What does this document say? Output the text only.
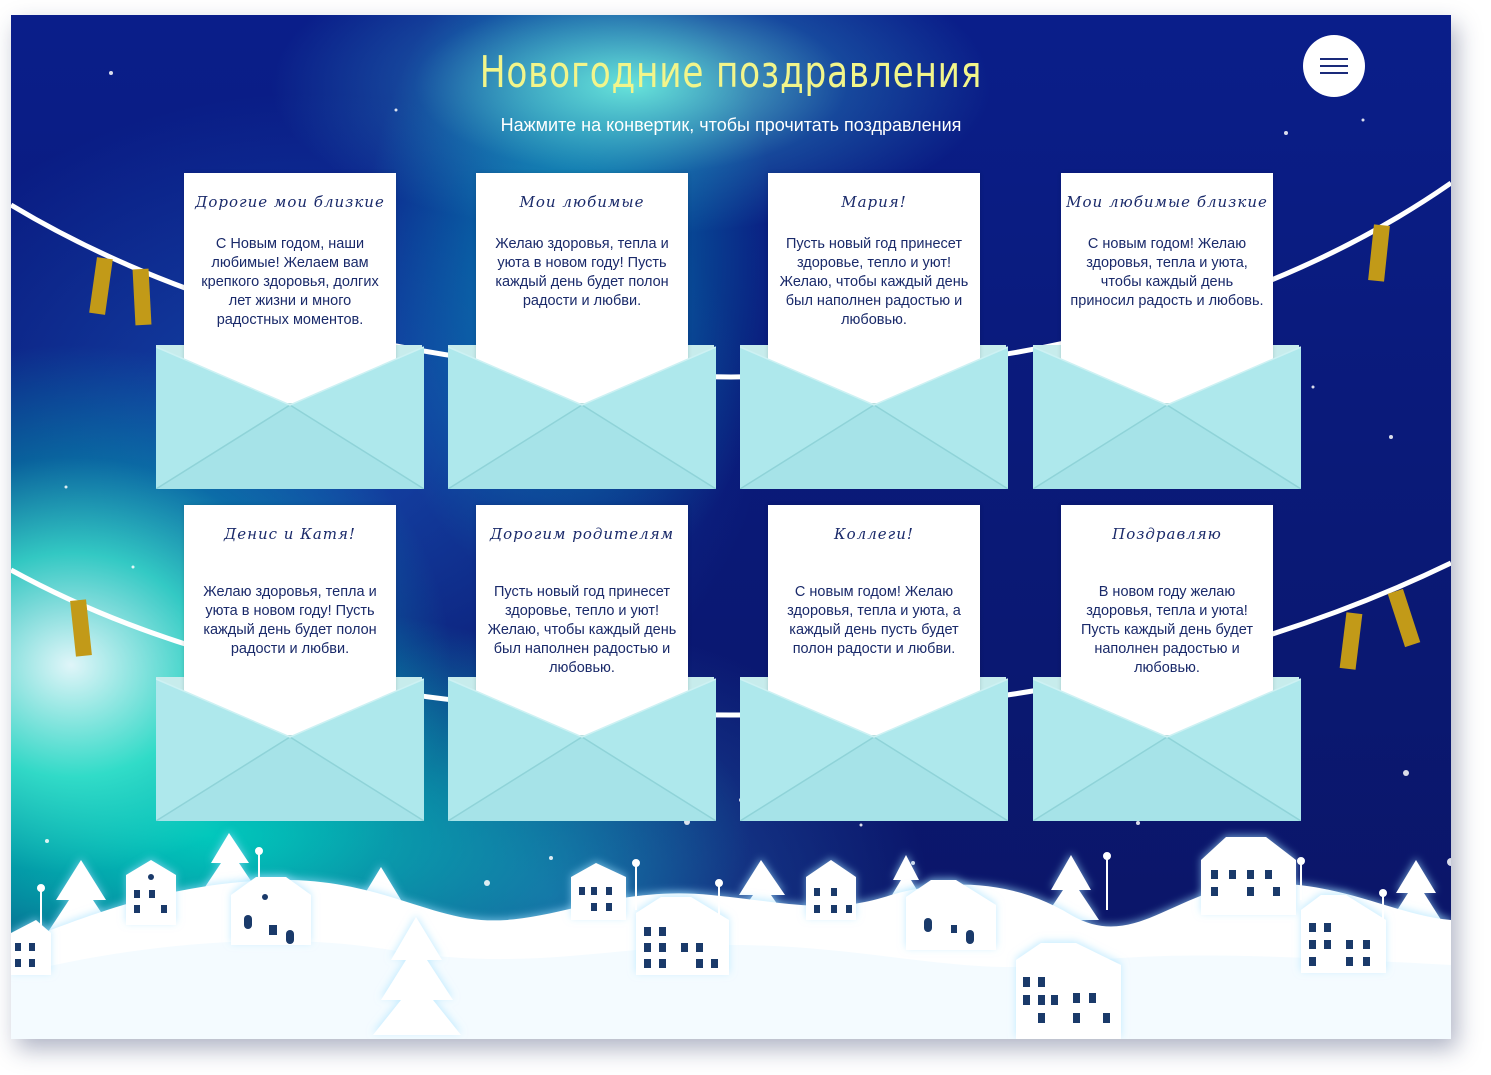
Новогодние поздравления
Нажмите на конвертик, чтобы прочитать поздравления
Дорогие мои близкие
С Новым годом, наши любимые! Желаем вам крепкого здоровья, долгих лет жизни и много радостных моментов.
Мои любимые
Желаю здоровья, тепла и уюта в новом году! Пусть каждый день будет полон радости и любви.
Мария!
Пусть новый год принесет здоровье, тепло и уют! Желаю, чтобы каждый день был наполнен радостью и любовью.
Мои любимые близкие
С новым годом! Желаю здоровья, тепла и уюта, чтобы каждый день приносил радость и любовь.
Денис и Катя!
Желаю здоровья, тепла и уюта в новом году! Пусть каждый день будет полон радости и любви.
Дорогим родителям
Пусть новый год принесет здоровье, тепло и уют! Желаю, чтобы каждый день был наполнен радостью и любовью.
Коллеги!
С новым годом! Желаю здоровья, тепла и уюта, а каждый день пусть будет полон радости и любви.
Поздравляю
В новом году желаю здоровья, тепла и уюта! Пусть каждый день будет наполнен радостью и любовью.
